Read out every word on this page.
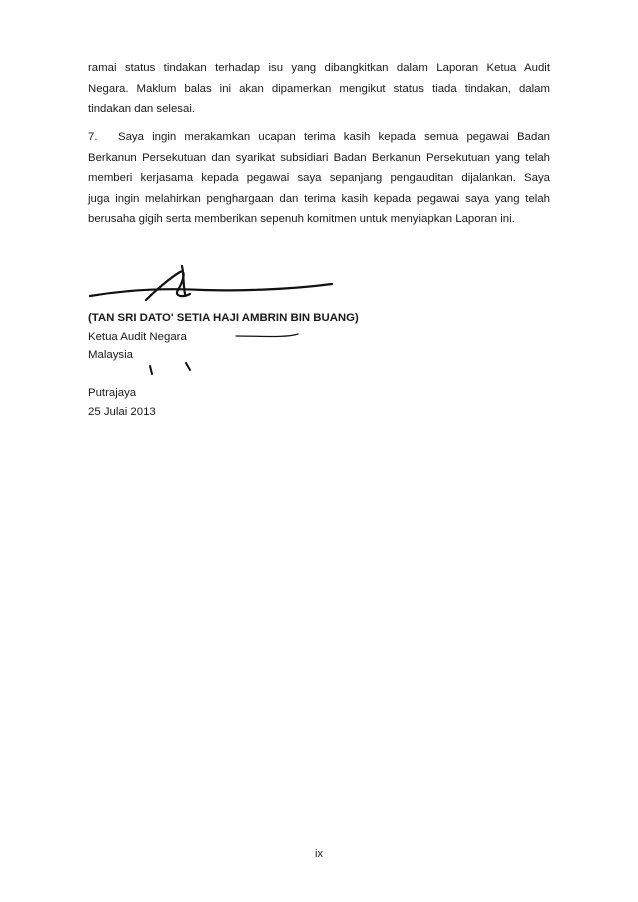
ramai status tindakan terhadap isu yang dibangkitkan dalam Laporan Ketua Audit
Negara. Maklum balas ini akan dipamerkan mengikut status tiada tindakan, dalam
tindakan dan selesai.

7. Saya ingin merakamkan ucapan terima kasih kepada semua pegawai Badan
Berkanun Persekutuan dan syarikat subsidiari Badan Berkanun Persekutuan yang telah
memberi kerjasama kepada pegawai saya sepanjang pengauditan dijalankan. Saya
juga ingin melahirkan penghargaan dan terima kasih kepada pegawai saya yang telah
berusaha gigih serta memberikan sepenuh komitmen untuk menyiapkan Laporan ini.

(TAN SRI DATO' SETIA HAJI AMBRIN BIN BUANG)
Ketua Audit Negara
Malaysia
Putrajaya
25 Julai 2013
ix
